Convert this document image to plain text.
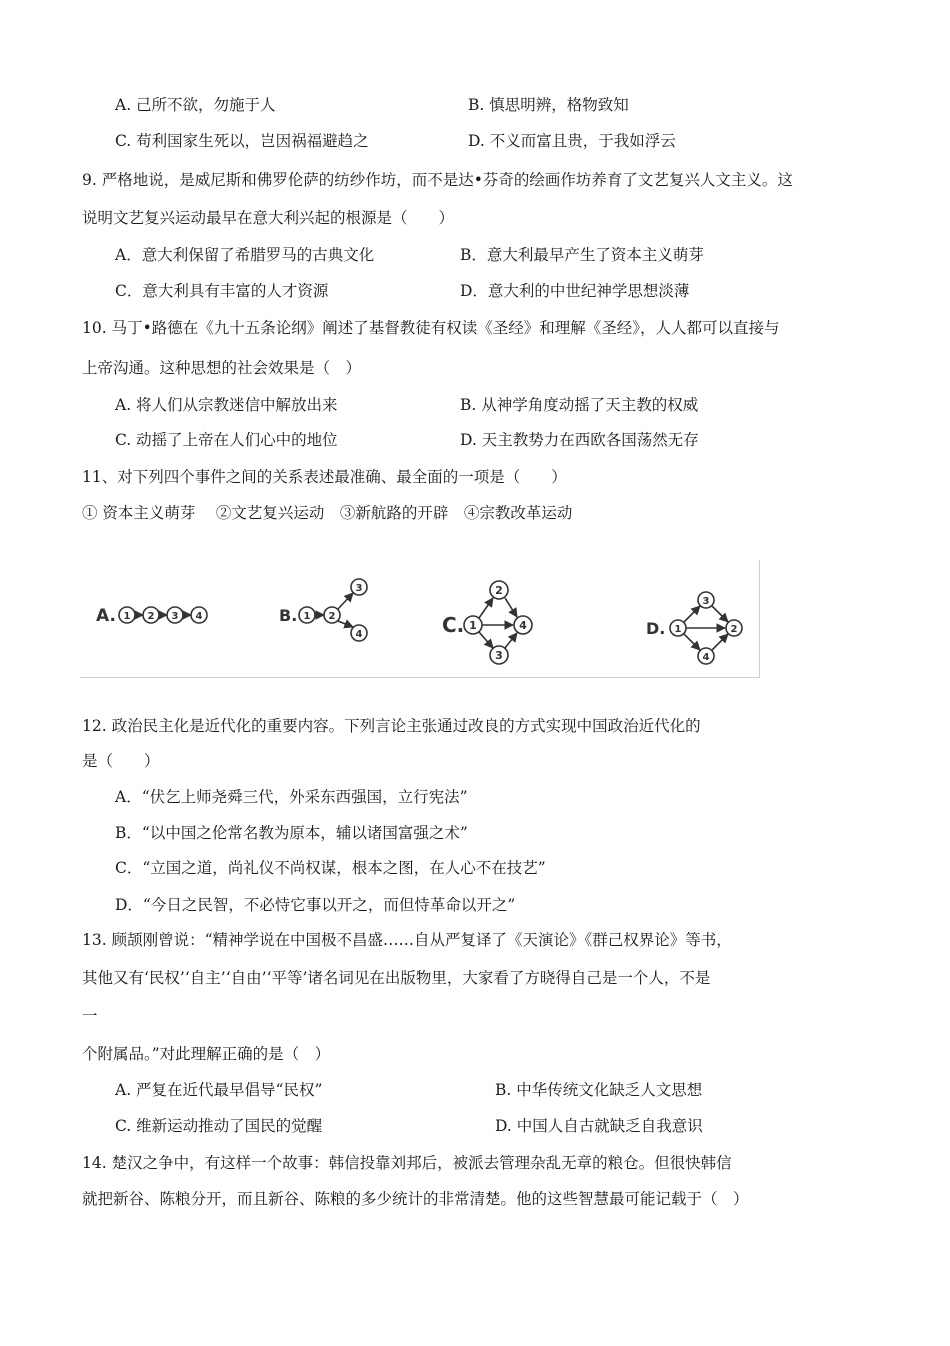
A. 己所不欲，勿施于人	B. 慎思明辨，格物致知
C. 苟利国家生死以，岂因祸福避趋之	D. 不义而富且贵，于我如浮云
9. 严格地说，是威尼斯和佛罗伦萨的纺纱作坊，而不是达•芬奇的绘画作坊养育了文艺复兴人文主义。这
说明文艺复兴运动最早在意大利兴起的根源是（　　）
A．意大利保留了希腊罗马的古典文化	B．意大利最早产生了资本主义萌芽
C．意大利具有丰富的人才资源	D．意大利的中世纪神学思想淡薄
10. 马丁•路德在《九十五条论纲》阐述了基督教徒有权读《圣经》和理解《圣经》，人人都可以直接与
上帝沟通。这种思想的社会效果是（　）
A. 将人们从宗教迷信中解放出来	B. 从神学角度动摇了天主教的权威
C. 动摇了上帝在人们心中的地位	D. 天主教势力在西欧各国荡然无存
11、对下列四个事件之间的关系表述最准确、最全面的一项是（　　）
① 资本主义萌芽　 ②文艺复兴运动　③新航路的开辟　④宗教改革运动
A.	B.	C.	D.
1 2 3 4	1 2
3
4
1
2
3
4	1
3
4
2
12. 政治民主化是近代化的重要内容。下列言论主张通过改良的方式实现中国政治近代化的
是（　　）
A．“伏乞上师尧舜三代，外采东西强国，立行宪法”
B．“以中国之伦常名教为原本，辅以诸国富强之术”
C．“立国之道，尚礼仪不尚权谋，根本之图，在人心不在技艺”
D．“今日之民智，不必恃它事以开之，而但恃革命以开之”
13. 顾颉刚曾说：“精神学说在中国极不昌盛……自从严复译了《天演论》《群己权界论》等书，
其他又有‘民权’‘自主’‘自由’‘平等’诸名词见在出版物里，大家看了方晓得自己是一个人，不是
一
个附属品。”对此理解正确的是（　）
A. 严复在近代最早倡导“民权”	B. 中华传统文化缺乏人文思想
C. 维新运动推动了国民的觉醒	D. 中国人自古就缺乏自我意识
14. 楚汉之争中，有这样一个故事：韩信投靠刘邦后，被派去管理杂乱无章的粮仓。但很快韩信
就把新谷、陈粮分开，而且新谷、陈粮的多少统计的非常清楚。他的这些智慧最可能记载于（　）
